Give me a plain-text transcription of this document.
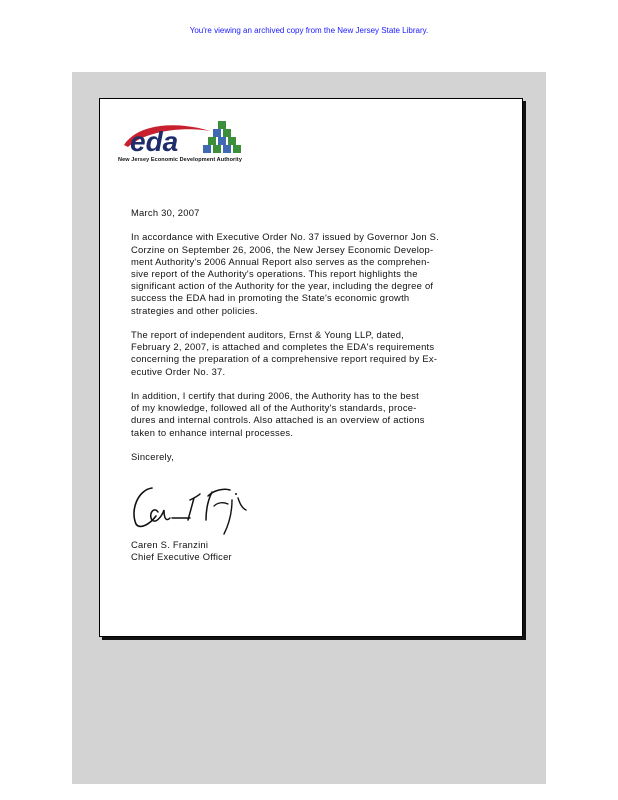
You're viewing an archived copy from the New Jersey State Library.
eda
New Jersey Economic Development Authority

March 30, 2007

In accordance with Executive Order No. 37 issued by Governor Jon S.
Corzine on September 26, 2006, the New Jersey Economic Develop-
ment Authority's 2006 Annual Report also serves as the comprehen-
sive report of the Authority's operations. This report highlights the
significant action of the Authority for the year, including the degree of
success the EDA had in promoting the State's economic growth
strategies and other policies.

The report of independent auditors, Ernst & Young LLP, dated,
February 2, 2007, is attached and completes the EDA's requirements
concerning the preparation of a comprehensive report required by Ex-
ecutive Order No. 37.

In addition, I certify that during 2006, the Authority has to the best
of my knowledge, followed all of the Authority's standards, proce-
dures and internal controls. Also attached is an overview of actions
taken to enhance internal processes.

Sincerely,

Caren S. Franzini
Chief Executive Officer
